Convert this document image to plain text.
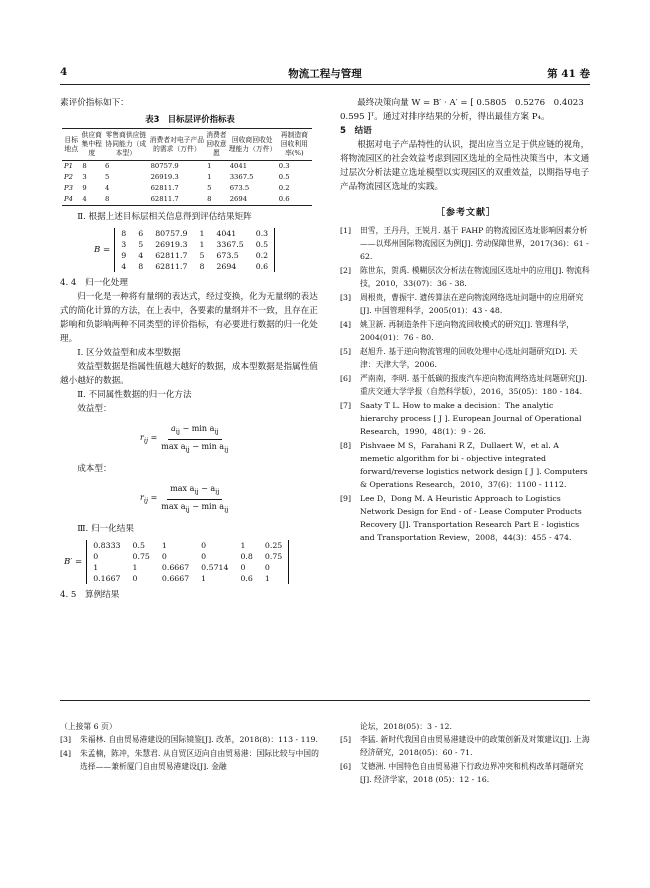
4	物流工程与管理	第 41 卷

素评价指标如下：

表3　目标层评价指标表
目标地点	供应商集中程度	零售商供应链协同能力（成本型）	消费者对电子产品的需求（万件）	消费者回收意愿	回收商回收处理能力（万件）	再制造商回收利用率(%)
P1	8	6	80757.9	1	4041	0.3
P2	3	5	26919.3	1	3367.5	0.5
P3	9	4	62811.7	5	673.5	0.2
P4	4	8	62811.7	8	2694	0.6

Ⅱ. 根据上述目标层相关信息得到评估结果矩阵

B =
8	6	80757.9	1	4041	0.3
3	5	26919.3	1	3367.5	0.5
9	4	62811.7	5	673.5	0.2
4	8	62811.7	8	2694	0.6

4. 4　归一化处理

归一化是一种将有量纲的表达式，经过变换，化为无量纲的表达式的简化计算的方法，在上表中，各要素的量纲并不一致，且存在正影响和负影响两种不同类型的评价指标，有必要进行数据的归一化处理。

Ⅰ. 区分效益型和成本型数据

效益型数据是指属性值越大越好的数据，成本型数据是指属性值越小越好的数据。

Ⅱ. 不同属性数据的归一化方法

效益型：

$r_{ij} = \frac{a_{ij} - \min a_{ij}}{\max a_{ij} - \min a_{ij}}$

成本型：

$r_{ij} = \frac{\max a_{ij} - a_{ij}}{\max a_{ij} - \min a_{ij}}$

Ⅲ. 归一化结果

B′ =
0.8333	0.5	1	0	1	0.25
0	0.75	0	0	0.8	0.75
1	1	0.6667	0.5714	0	0
0.1667	0	0.6667	1	0.6	1

4. 5　算例结果

最终决策向量 W = B′ · A′ = [ 0.5805　0.5276　0.4023　0.595 ]ᵀ。通过对排序结果的分析，得出最佳方案 P₄。

5　结语

根据对电子产品特性的认识，提出应当立足于供应链的视角，将物流园区的社会效益考虑到园区选址的全局性决策当中，本文通过层次分析法建立选址模型以实现园区的双重效益，以期指导电子产品物流园区选址的实践。

［参考文献］
[1]	田雪，王丹丹，王锐月. 基于 FAHP 的物流园区选址影响因素分析——以郑州国际物流园区为例[J]. 劳动保障世界，2017(36)：61 - 62.
[2]	陈世东，贺禹. 模糊层次分析法在物流园区选址中的应用[J]. 物流科技，2010，33(07)：36 - 38.
[3]	周根贵，曹振宇. 遗传算法在逆向物流网络选址问题中的应用研究[J]. 中国管理科学，2005(01)：43 - 48.
[4]	姚卫新. 再制造条件下逆向物流回收模式的研究[J]. 管理科学，2004(01)：76 - 80.
[5]	赵旭升. 基于逆向物流管理的回收处理中心选址问题研究[D]. 天津：天津大学，2006.
[6]	严南南，李明. 基于低碳的报废汽车逆向物流网络选址问题研究[J]. 重庆交通大学学报（自然科学版），2016，35(05)：180 - 184.
[7]	Saaty T L. How to make a decision：The analytic hierarchy process [ J ]. European Journal of Operational Research，1990，48(1)：9 - 26.
[8]	Pishvaee M S，Farahani R Z，Dullaert W，et al. A memetic algorithm for bi - objective integrated forward/reverse logistics network design [ J ]. Computers & Operations Research，2010，37(6)：1100 - 1112.
[9]	Lee D，Dong M. A Heuristic Approach to Logistics Network Design for End - of - Lease Computer Products Recovery [J]. Transportation Research Part E - logistics and Transportation Review，2008，44(3)：455 - 474.

（上接第 6 页）

[3]	朱福林. 自由贸易港建设的国际镜鉴[J]. 改革，2018(8)：113 - 119.
[4]	朱孟楠，陈冲，朱慧君. 从自贸区迈向自由贸易港：国际比较与中国的选择——兼析厦门自由贸易港建设[J]. 金融

论坛，2018(05)：3 - 12.

[5]	李猛. 新时代我国自由贸易港建设中的政策创新及对策建议[J]. 上海经济研究，2018(05)：60 - 71.
[6]	艾德洲. 中国特色自由贸易港下行政边界冲突和机构改革问题研究[J]. 经济学家，2018 (05)：12 - 16.
